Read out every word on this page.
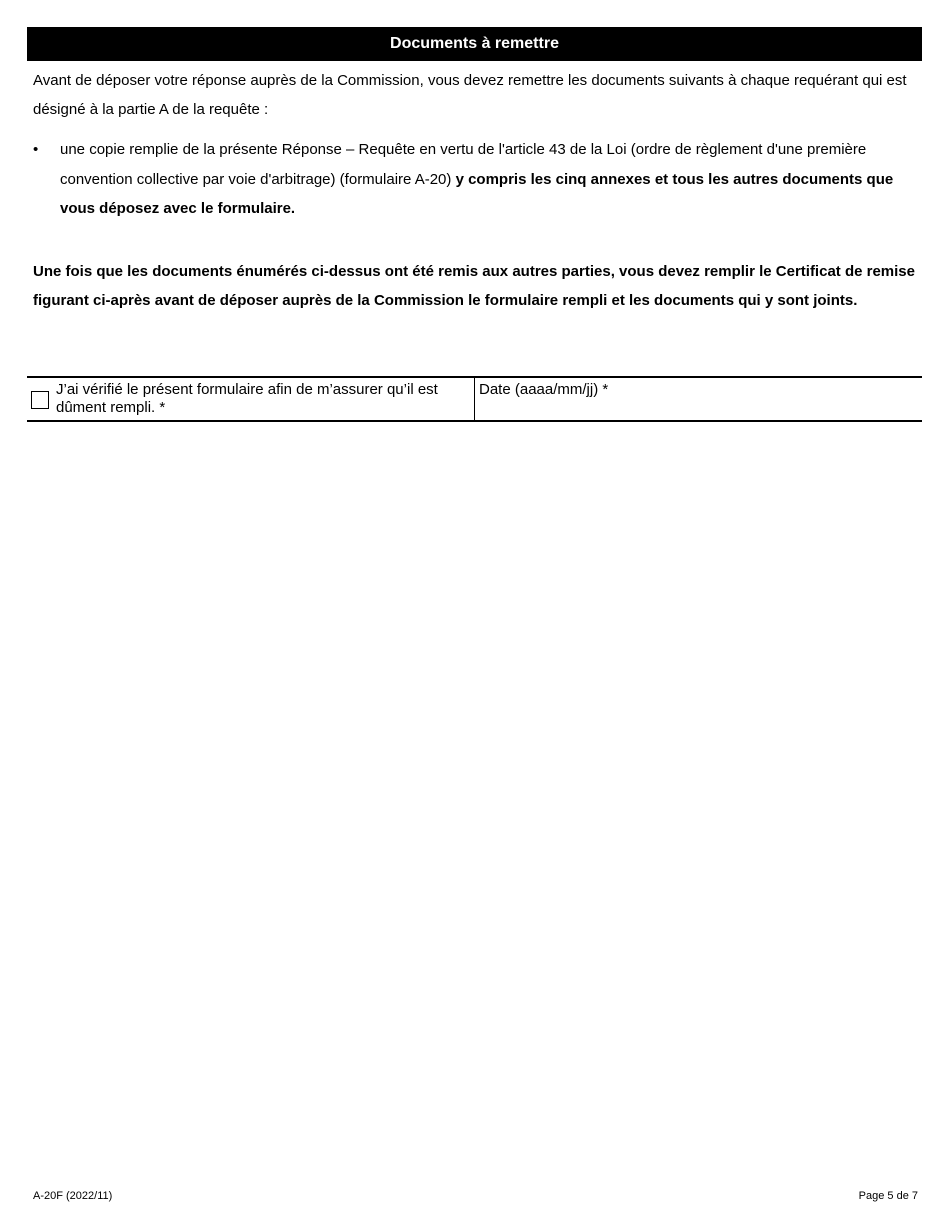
Documents à remettre

Avant de déposer votre réponse auprès de la Commission, vous devez remettre les documents suivants à chaque requérant qui est désigné à la partie A de la requête :

•	une copie remplie de la présente Réponse – Requête en vertu de l'article 43 de la Loi (ordre de règlement d'une première convention collective par voie d'arbitrage) (formulaire A-20) y compris les cinq annexes et tous les autres documents que vous déposez avec le formulaire.

Une fois que les documents énumérés ci-dessus ont été remis aux autres parties, vous devez remplir le Certificat de remise figurant ci-après avant de déposer auprès de la Commission le formulaire rempli et les documents qui y sont joints.

J’ai vérifié le présent formulaire afin de m’assurer qu’il est dûment rempli. *
Date (aaaa/mm/jj) *
A-20F (2022/11)	Page 5 de 7
